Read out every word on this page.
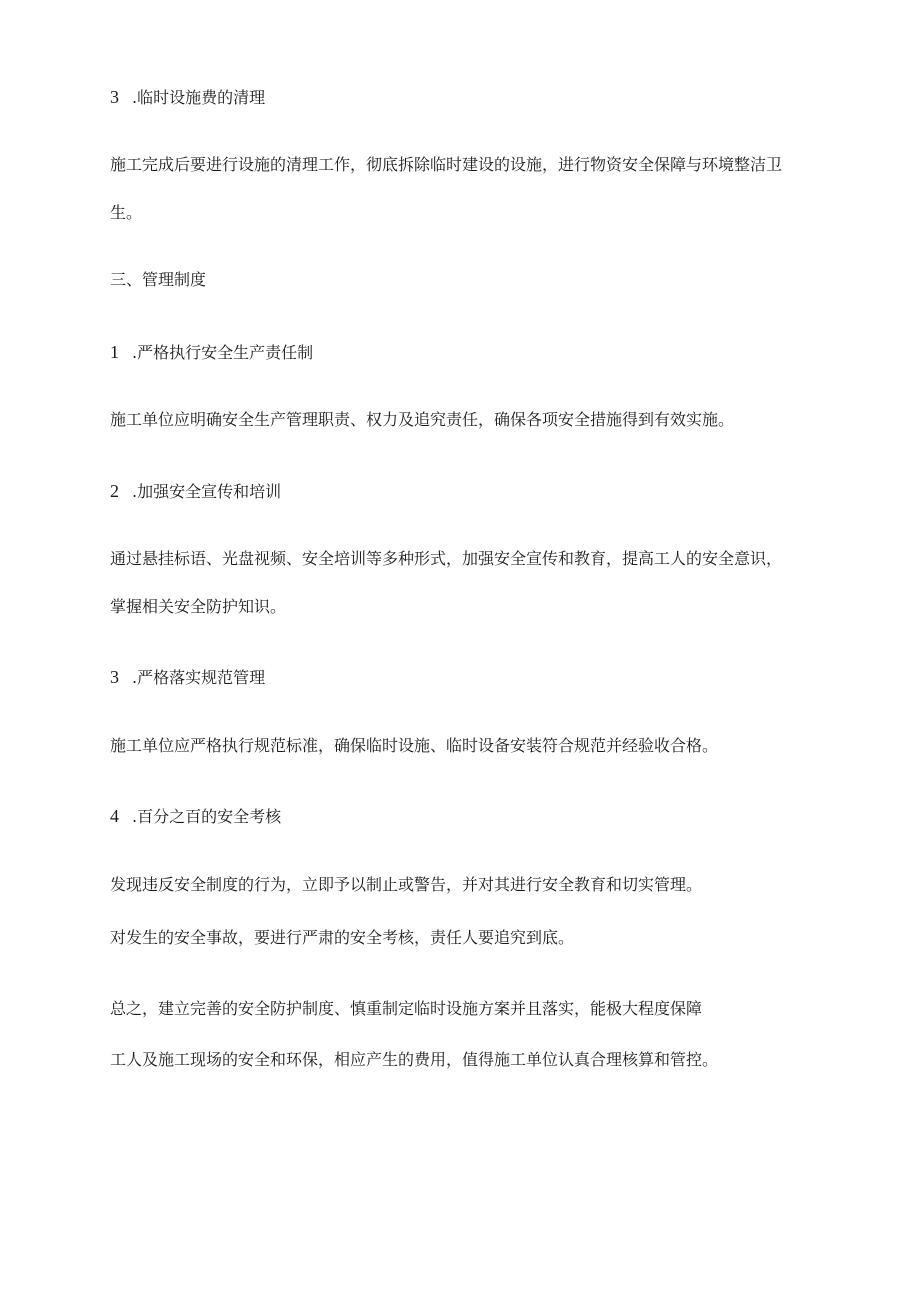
3 .临时设施费的清理
施工完成后要进行设施的清理工作，彻底拆除临时建设的设施，进行物资安全保障与环境整洁卫
生。
三、管理制度
1 .严格执行安全生产责任制
施工单位应明确安全生产管理职责、权力及追究责任，确保各项安全措施得到有效实施。
2 .加强安全宣传和培训
通过悬挂标语、光盘视频、安全培训等多种形式，加强安全宣传和教育，提高工人的安全意识，
掌握相关安全防护知识。
3 .严格落实规范管理
施工单位应严格执行规范标准，确保临时设施、临时设备安装符合规范并经验收合格。
4 .百分之百的安全考核
发现违反安全制度的行为，立即予以制止或警告，并对其进行安全教育和切实管理。
对发生的安全事故，要进行严肃的安全考核，责任人要追究到底。
总之，建立完善的安全防护制度、慎重制定临时设施方案并且落实，能极大程度保障
工人及施工现场的安全和环保，相应产生的费用，值得施工单位认真合理核算和管控。
